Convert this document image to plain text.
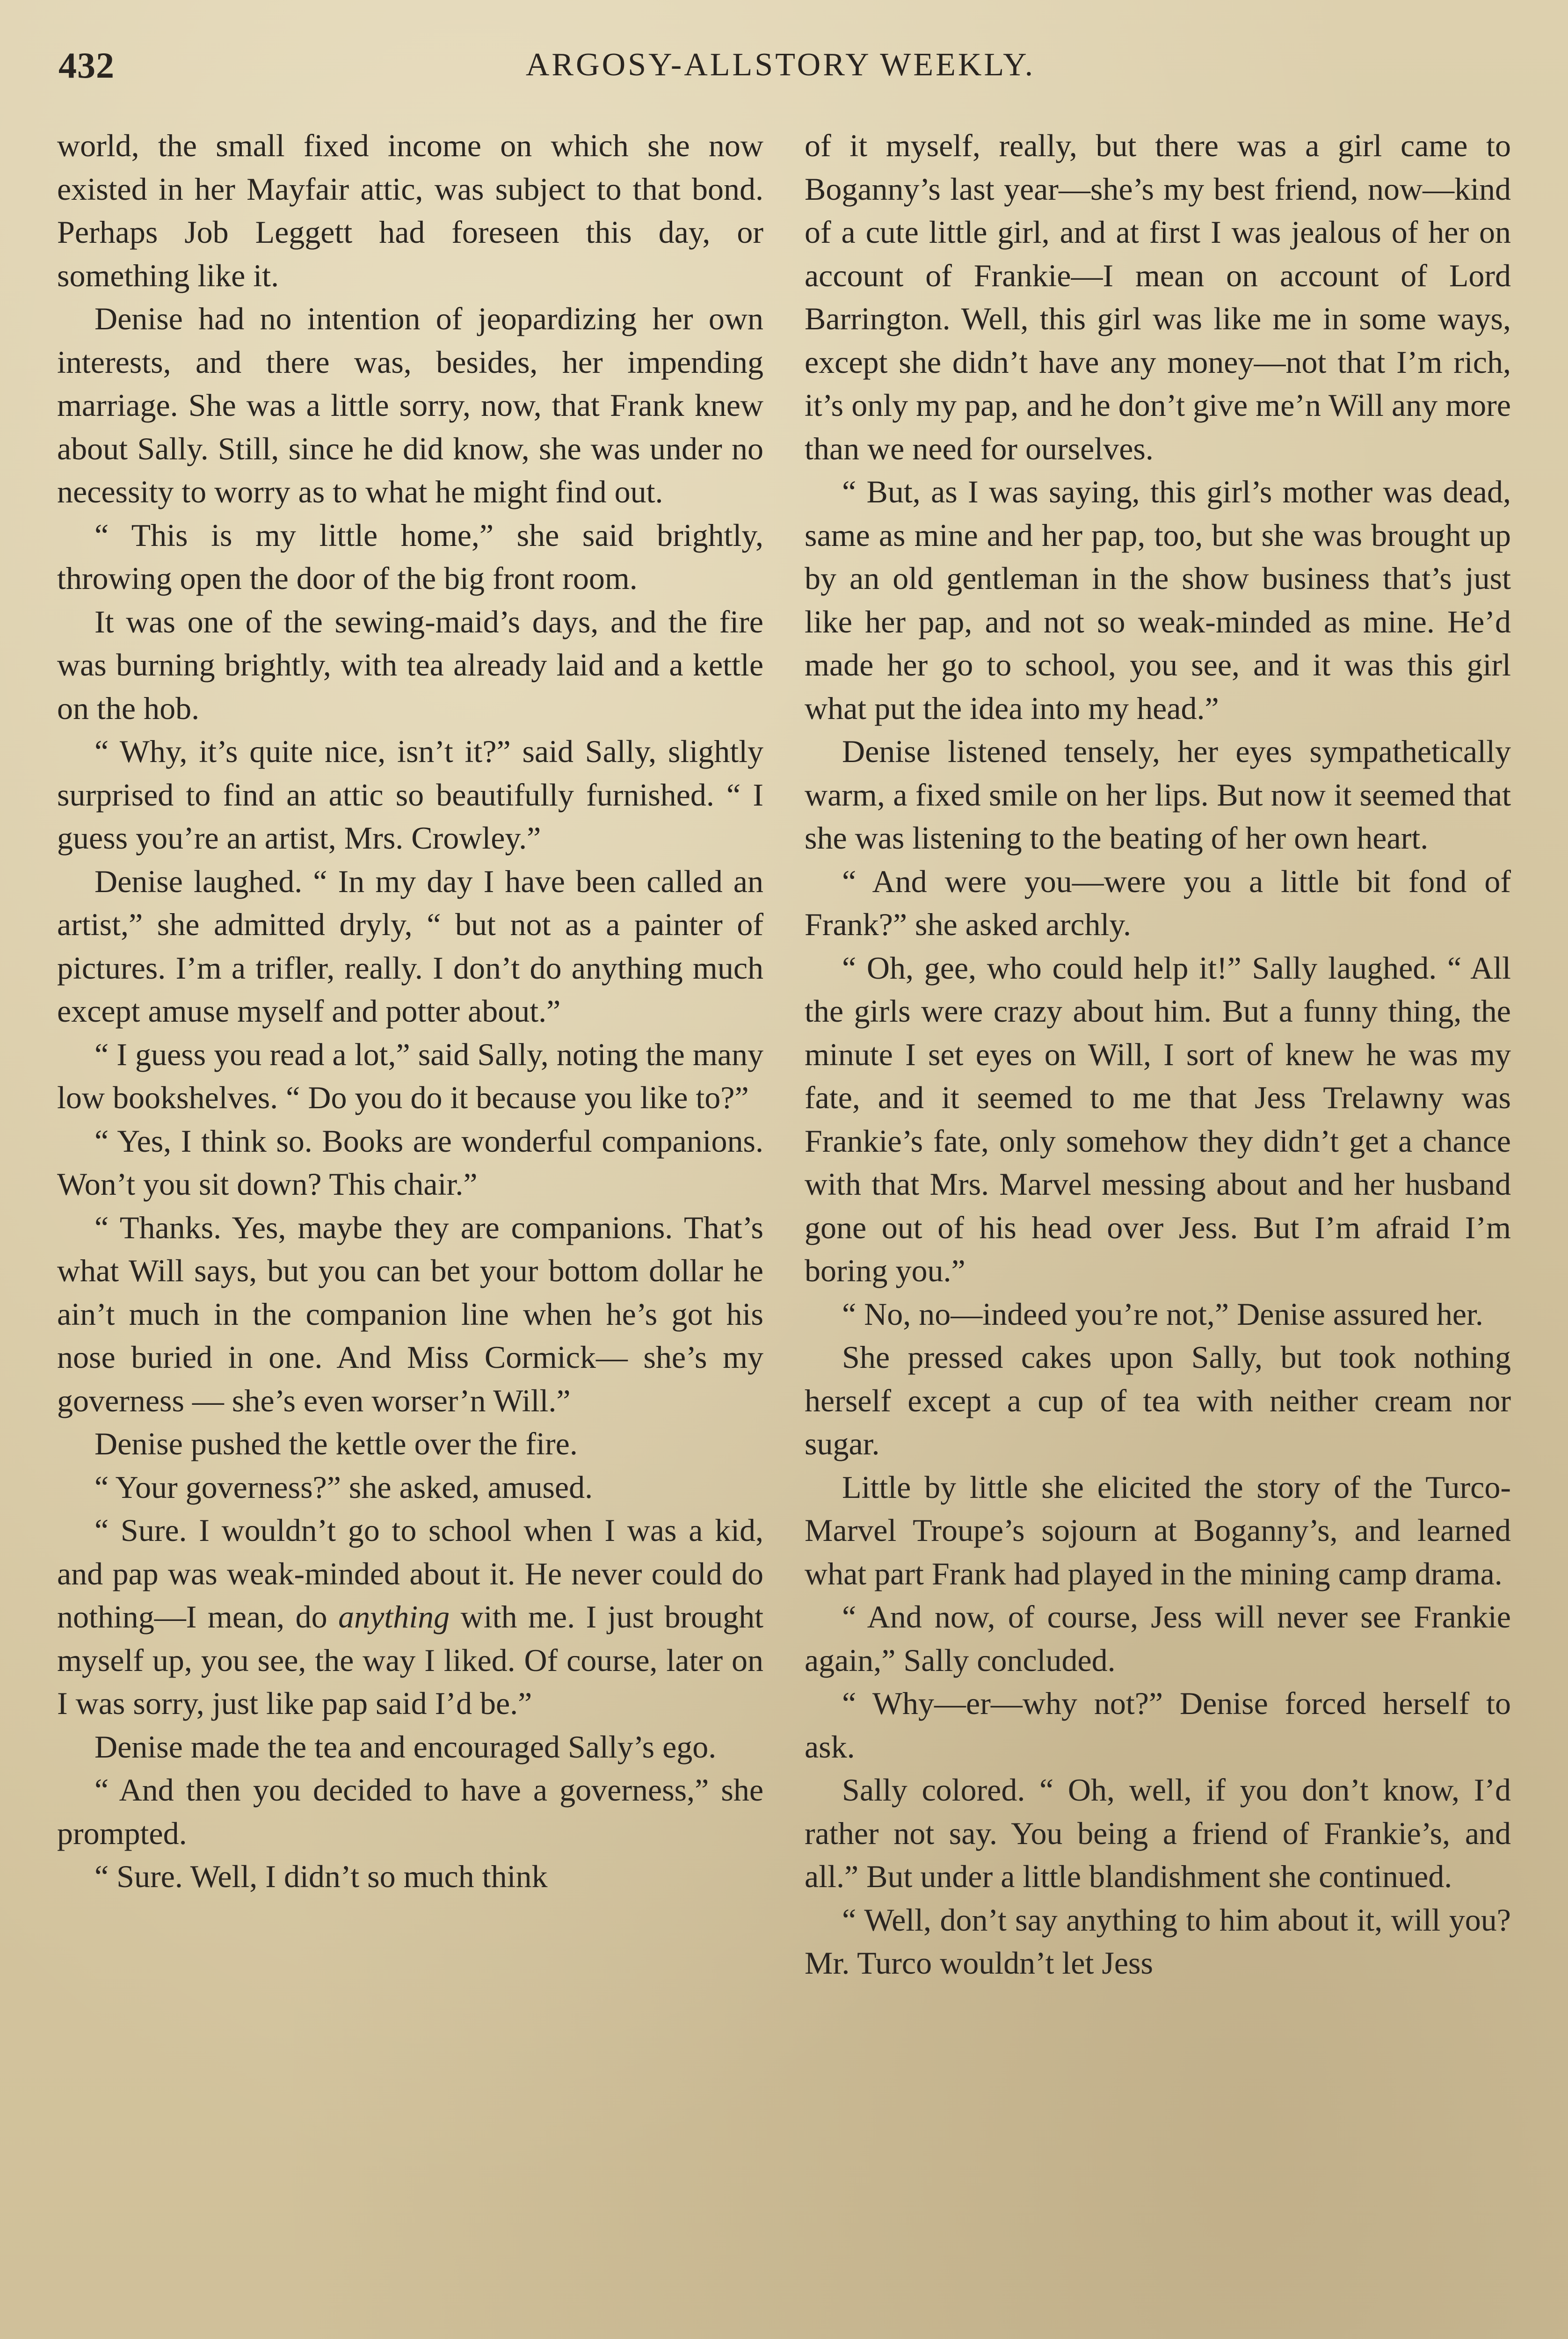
432	ARGOSY-ALLSTORY WEEKLY.

world, the small fixed income on which she now existed in her Mayfair attic, was subject to that bond. Perhaps Job Leggett had foreseen this day, or something like it.

Denise had no intention of jeopardizing her own interests, and there was, besides, her impending marriage. She was a little sorry, now, that Frank knew about Sally. Still, since he did know, she was under no necessity to worry as to what he might find out.

“ This is my little home,” she said brightly, throwing open the door of the big front room.

It was one of the sewing-maid’s days, and the fire was burning brightly, with tea already laid and a kettle on the hob.

“ Why, it’s quite nice, isn’t it?” said Sally, slightly surprised to find an attic so beautifully furnished. “ I guess you’re an artist, Mrs. Crowley.”

Denise laughed. “ In my day I have been called an artist,” she admitted dryly, “ but not as a painter of pictures. I’m a trifler, really. I don’t do anything much except amuse myself and potter about.”

“ I guess you read a lot,” said Sally, noting the many low bookshelves. “ Do you do it because you like to?”

“ Yes, I think so. Books are wonderful companions. Won’t you sit down? This chair.”

“ Thanks. Yes, maybe they are companions. That’s what Will says, but you can bet your bottom dollar he ain’t much in the companion line when he’s got his nose buried in one. And Miss Cormick— she’s my governess — she’s even worser’n Will.”

Denise pushed the kettle over the fire.

“ Your governess?” she asked, amused.

“ Sure. I wouldn’t go to school when I was a kid, and pap was weak-minded about it. He never could do nothing—I mean, do anything with me. I just brought myself up, you see, the way I liked. Of course, later on I was sorry, just like pap said I’d be.”

Denise made the tea and encouraged Sally’s ego.

“ And then you decided to have a governess,” she prompted.

“ Sure. Well, I didn’t so much think

of it myself, really, but there was a girl came to Boganny’s last year—she’s my best friend, now—kind of a cute little girl, and at first I was jealous of her on account of Frankie—I mean on account of Lord Barrington. Well, this girl was like me in some ways, except she didn’t have any money—not that I’m rich, it’s only my pap, and he don’t give me’n Will any more than we need for ourselves.

“ But, as I was saying, this girl’s mother was dead, same as mine and her pap, too, but she was brought up by an old gentleman in the show business that’s just like her pap, and not so weak-minded as mine. He’d made her go to school, you see, and it was this girl what put the idea into my head.”

Denise listened tensely, her eyes sympathetically warm, a fixed smile on her lips. But now it seemed that she was listening to the beating of her own heart.

“ And were you—were you a little bit fond of Frank?” she asked archly.

“ Oh, gee, who could help it!” Sally laughed. “ All the girls were crazy about him. But a funny thing, the minute I set eyes on Will, I sort of knew he was my fate, and it seemed to me that Jess Trelawny was Frankie’s fate, only somehow they didn’t get a chance with that Mrs. Marvel messing about and her husband gone out of his head over Jess. But I’m afraid I’m boring you.”

“ No, no—indeed you’re not,” Denise assured her.

She pressed cakes upon Sally, but took nothing herself except a cup of tea with neither cream nor sugar.

Little by little she elicited the story of the Turco-Marvel Troupe’s sojourn at Boganny’s, and learned what part Frank had played in the mining camp drama.

“ And now, of course, Jess will never see Frankie again,” Sally concluded.

“ Why—er—why not?” Denise forced herself to ask.

Sally colored. “ Oh, well, if you don’t know, I’d rather not say. You being a friend of Frankie’s, and all.” But under a little blandishment she continued.

“ Well, don’t say anything to him about it, will you? Mr. Turco wouldn’t let Jess
